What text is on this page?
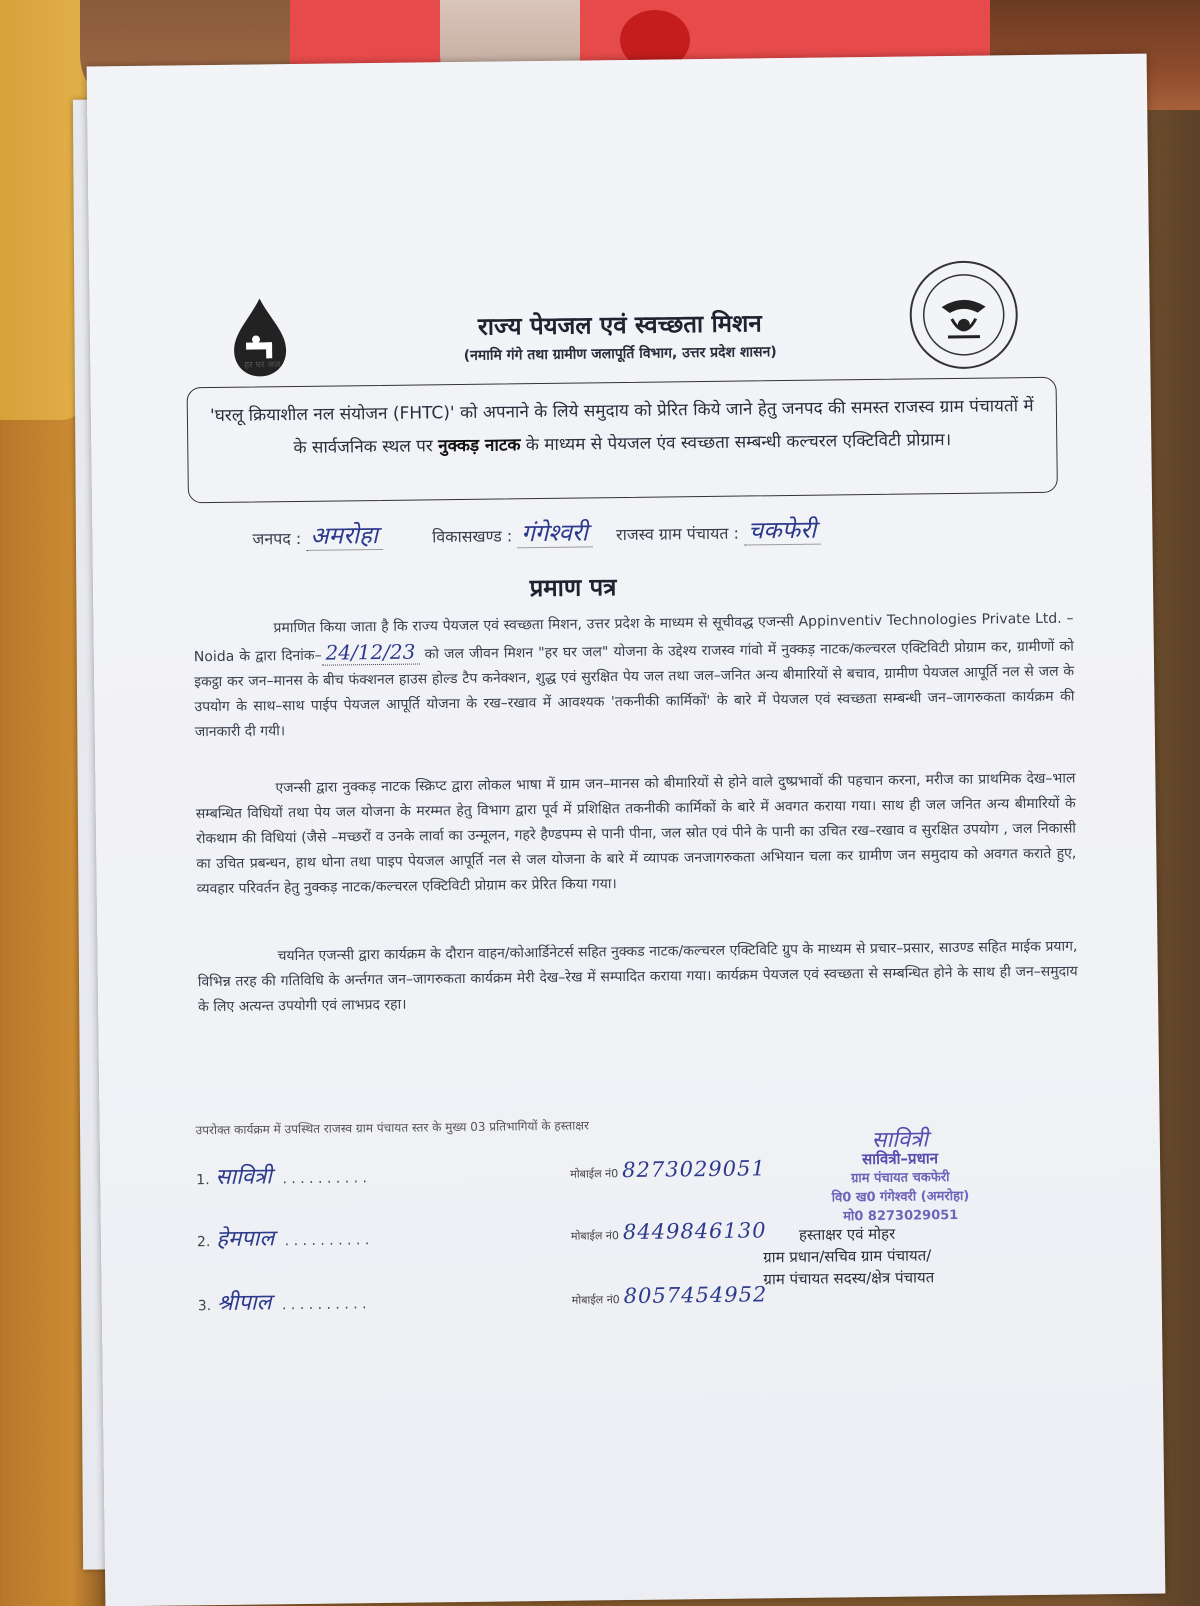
हर घर जल
राज्य पेयजल एवं स्वच्छता मिशन
(नमामि गंगे तथा ग्रामीण जलापूर्ति विभाग, उत्तर प्रदेश शासन)
'घरलू क्रियाशील नल संयोजन (FHTC)' को अपनाने के लिये समुदाय को प्रेरित किये जाने हेतु जनपद की समस्त राजस्व ग्राम पंचायतों में के सार्वजनिक स्थल पर नुक्कड़ नाटक के माध्यम से पेयजल एंव स्वच्छता सम्बन्धी कल्चरल एक्टिविटी प्रोग्राम।
जनपद : अमरोहा	विकासखण्ड : गंगेश्वरी राजस्व ग्राम पंचायत : चकफेरी
प्रमाण पत्र
प्रमाणित किया जाता है कि राज्य पेयजल एवं स्वच्छता मिशन, उत्तर प्रदेश के माध्यम से सूचीवद्ध एजन्सी Appinventiv Technologies Private Ltd. – Noida के द्वारा दिनांक– 24/12/23 को जल जीवन मिशन "हर घर जल" योजना के उद्देश्य राजस्व गांवो में नुक्कड़ नाटक/कल्चरल एक्टिविटी प्रोग्राम कर, ग्रामीणों को इकट्ठा कर जन–मानस के बीच फंक्शनल हाउस होल्ड टैप कनेक्शन, शुद्ध एवं सुरक्षित पेय जल तथा जल–जनित अन्य बीमारियों से बचाव, ग्रामीण पेयजल आपूर्ति नल से जल के उपयोग के साथ–साथ पाईप पेयजल आपूर्ति योजना के रख–रखाव में आवश्यक 'तकनीकी कार्मिकों' के बारे में पेयजल एवं स्वच्छता सम्बन्धी जन–जागरुकता कार्यक्रम की जानकारी दी गयी।
एजन्सी द्वारा नुक्कड़ नाटक स्क्रिप्ट द्वारा लोकल भाषा में ग्राम जन–मानस को बीमारियों से होने वाले दुष्प्रभावों की पहचान करना, मरीज का प्राथमिक देख–भाल सम्बन्धित विधियों तथा पेय जल योजना के मरम्मत हेतु विभाग द्वारा पूर्व में प्रशिक्षित तकनीकी कार्मिकों के बारे में अवगत कराया गया। साथ ही जल जनित अन्य बीमारियों के रोकथाम की विधियां (जैसे –मच्छरों व उनके लार्वा का उन्मूलन, गहरे हैण्डपम्प से पानी पीना, जल स्रोत एवं पीने के पानी का उचित रख–रखाव व सुरक्षित उपयोग , जल निकासी का उचित प्रबन्धन, हाथ धोना तथा पाइप पेयजल आपूर्ति नल से जल योजना के बारे में व्यापक जनजागरुकता अभियान चला कर ग्रामीण जन समुदाय को अवगत कराते हुए, व्यवहार परिवर्तन हेतु नुक्कड़ नाटक/कल्चरल एक्टिविटी प्रोग्राम कर प्रेरित किया गया।
चयनित एजन्सी द्वारा कार्यक्रम के दौरान वाहन/कोआर्डिनेटर्स सहित नुक्कड नाटक/कल्चरल एक्टिविटि ग्रुप के माध्यम से प्रचार–प्रसार, साउण्ड सहित माईक प्रयाग, विभिन्न तरह की गतिविधि के अर्न्तगत जन–जागरुकता कार्यक्रम मेरी देख–रेख में सम्पादित कराया गया। कार्यक्रम पेयजल एवं स्वच्छता से सम्बन्धित होने के साथ ही जन–समुदाय के लिए अत्यन्त उपयोगी एवं लाभप्रद रहा।
उपरोक्त कार्यक्रम में उपस्थित राजस्व ग्राम पंचायत स्तर के मुख्य 03 प्रतिभागियों के हस्ताक्षर
1. सावित्री . . . . . . . . . .	मोबाईल नं0 8273029051
2. हेमपाल . . . . . . . . . .	मोबाईल नं0 8449846130
3. श्रीपाल . . . . . . . . . .	मोबाईल नं0 8057454952
सावित्री
सावित्री–प्रधान
ग्राम पंचायत चकफेरी
वि0 ख0 गंगेश्वरी (अमरोहा)
मो0 8273029051
हस्ताक्षर एवं मोहर
ग्राम प्रधान/सचिव ग्राम पंचायत/
ग्राम पंचायत सदस्य/क्षेत्र पंचायत
